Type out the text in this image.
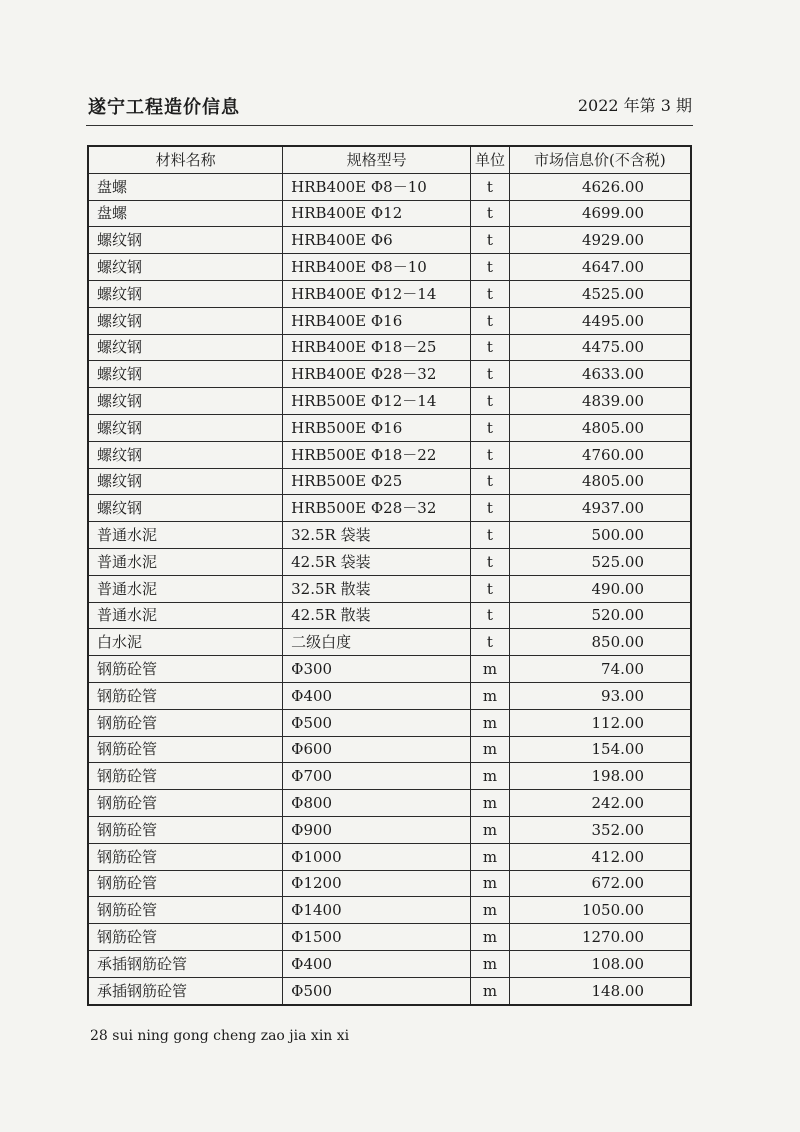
遂宁工程造价信息	2022 年第 3 期
材料名称	规格型号	单位	市场信息价(不含税)
盘螺	HRB400E Φ8－10	t	4626.00
盘螺	HRB400E Φ12	t	4699.00
螺纹钢	HRB400E Φ6	t	4929.00
螺纹钢	HRB400E Φ8－10	t	4647.00
螺纹钢	HRB400E Φ12－14	t	4525.00
螺纹钢	HRB400E Φ16	t	4495.00
螺纹钢	HRB400E Φ18－25	t	4475.00
螺纹钢	HRB400E Φ28－32	t	4633.00
螺纹钢	HRB500E Φ12－14	t	4839.00
螺纹钢	HRB500E Φ16	t	4805.00
螺纹钢	HRB500E Φ18－22	t	4760.00
螺纹钢	HRB500E Φ25	t	4805.00
螺纹钢	HRB500E Φ28－32	t	4937.00
普通水泥	32.5R 袋装	t	500.00
普通水泥	42.5R 袋装	t	525.00
普通水泥	32.5R 散装	t	490.00
普通水泥	42.5R 散装	t	520.00
白水泥	二级白度	t	850.00
钢筋砼管	Φ300	m	74.00
钢筋砼管	Φ400	m	93.00
钢筋砼管	Φ500	m	112.00
钢筋砼管	Φ600	m	154.00
钢筋砼管	Φ700	m	198.00
钢筋砼管	Φ800	m	242.00
钢筋砼管	Φ900	m	352.00
钢筋砼管	Φ1000	m	412.00
钢筋砼管	Φ1200	m	672.00
钢筋砼管	Φ1400	m	1050.00
钢筋砼管	Φ1500	m	1270.00
承插钢筋砼管	Φ400	m	108.00
承插钢筋砼管	Φ500	m	148.00
28 sui ning gong cheng zao jia xin xi
